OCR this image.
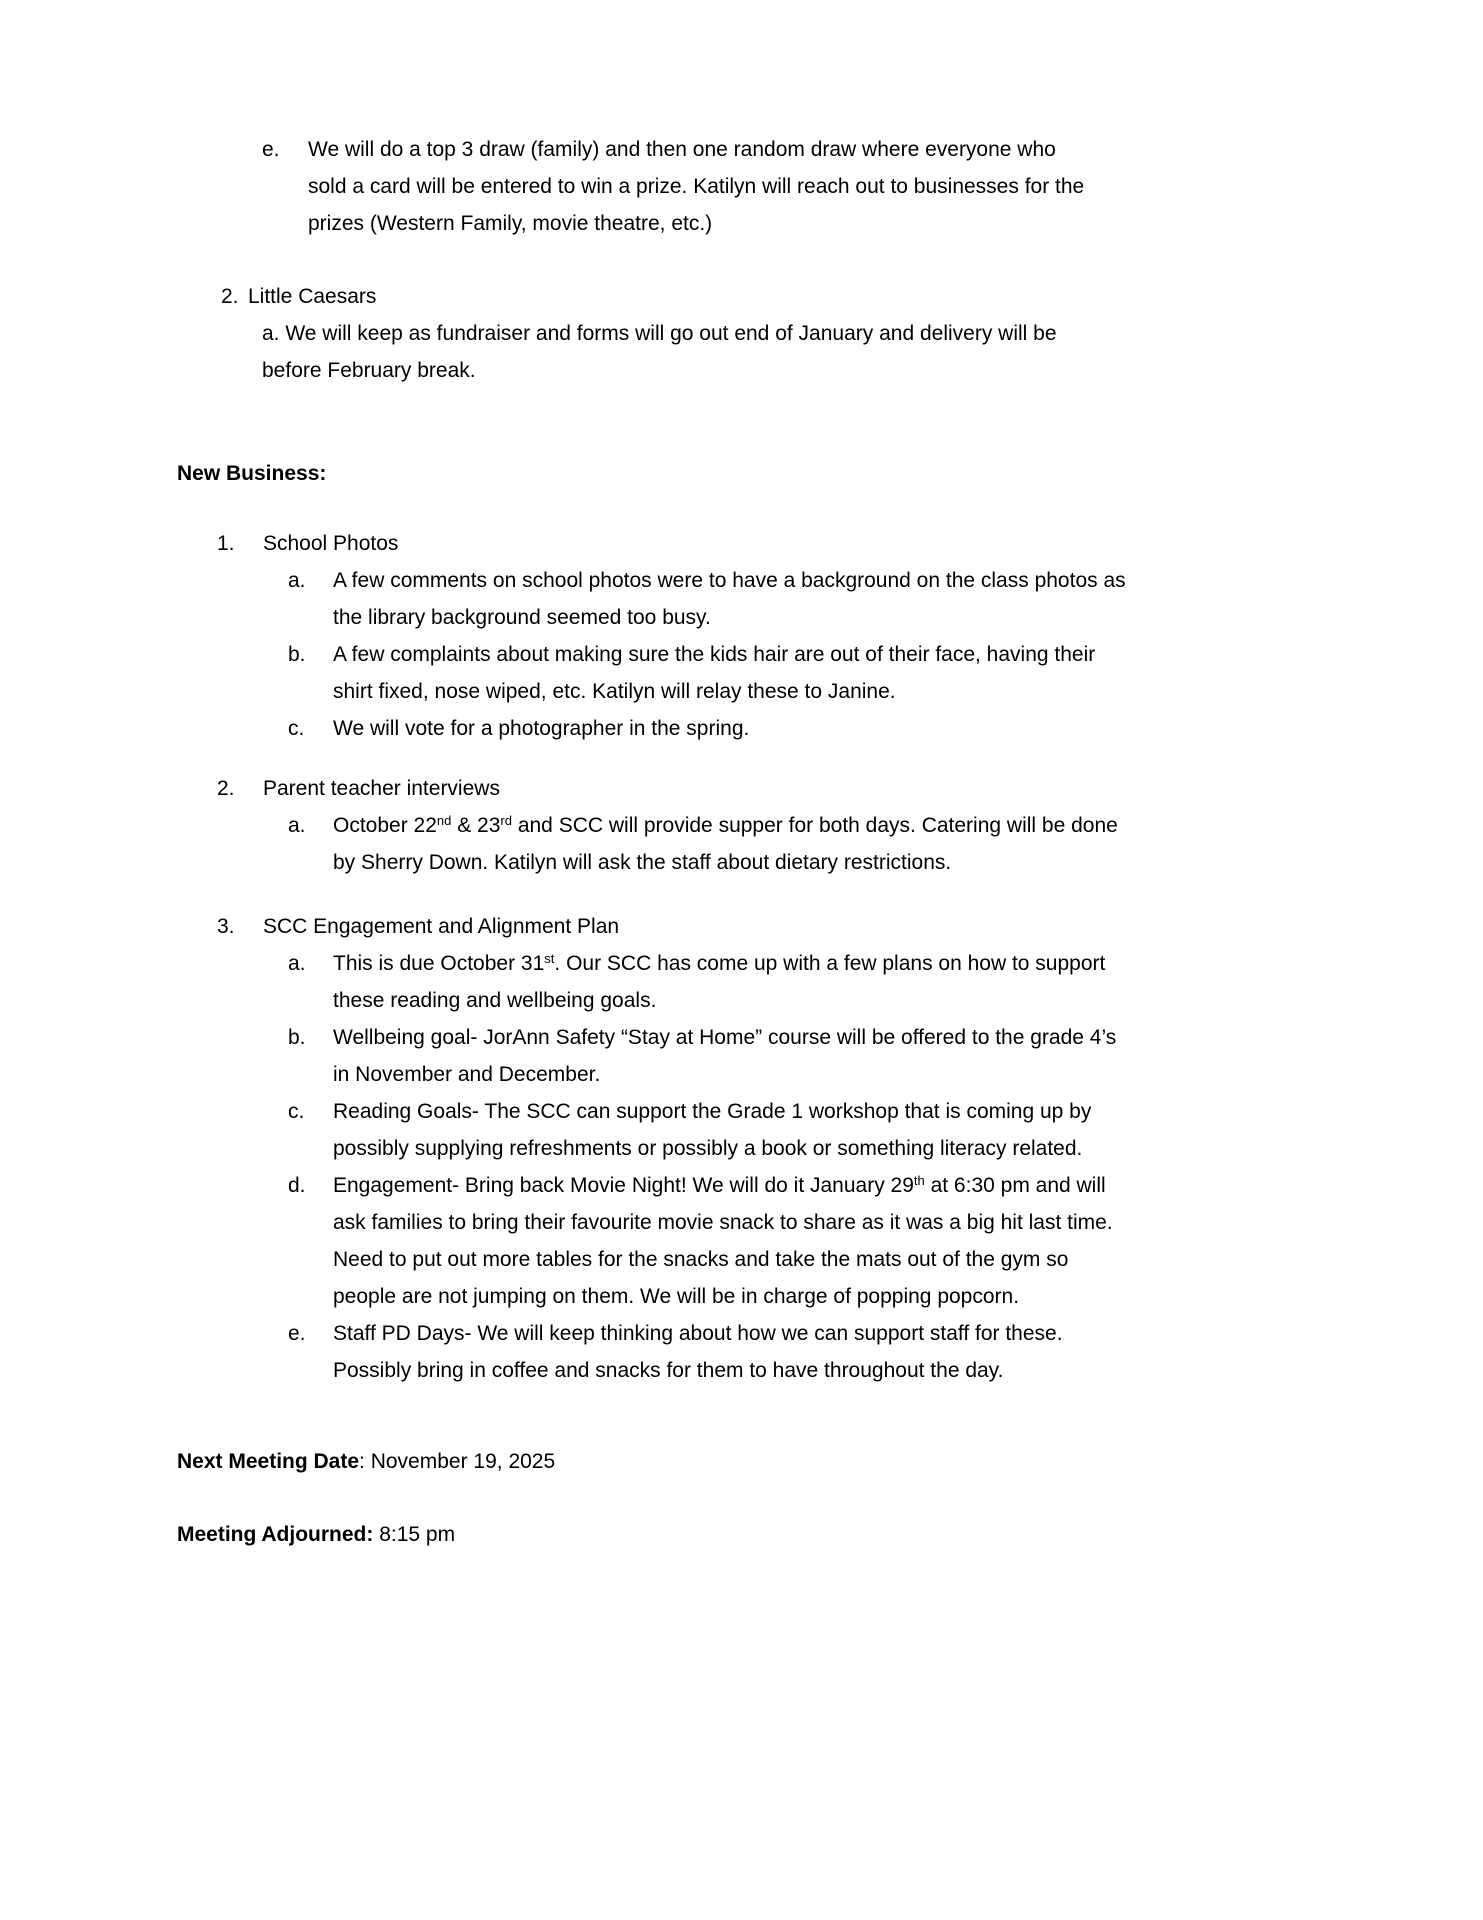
e. We will do a top 3 draw (family) and then one random draw where everyone who
sold a card will be entered to win a prize. Katilyn will reach out to businesses for the
prizes (Western Family, movie theatre, etc.)
2. Little Caesars
a. We will keep as fundraiser and forms will go out end of January and delivery will be
before February break.
New Business:
1. School Photos
a. A few comments on school photos were to have a background on the class photos as
the library background seemed too busy.
b. A few complaints about making sure the kids hair are out of their face, having their
shirt fixed, nose wiped, etc. Katilyn will relay these to Janine.
c. We will vote for a photographer in the spring.
2. Parent teacher interviews
a. October 22nd & 23rd and SCC will provide supper for both days. Catering will be done
by Sherry Down. Katilyn will ask the staff about dietary restrictions.
3. SCC Engagement and Alignment Plan
a. This is due October 31st. Our SCC has come up with a few plans on how to support
these reading and wellbeing goals.
b. Wellbeing goal- JorAnn Safety “Stay at Home” course will be offered to the grade 4’s
in November and December.
c. Reading Goals- The SCC can support the Grade 1 workshop that is coming up by
possibly supplying refreshments or possibly a book or something literacy related.
d. Engagement- Bring back Movie Night! We will do it January 29th at 6:30 pm and will
ask families to bring their favourite movie snack to share as it was a big hit last time.
Need to put out more tables for the snacks and take the mats out of the gym so
people are not jumping on them. We will be in charge of popping popcorn.
e. Staff PD Days- We will keep thinking about how we can support staff for these.
Possibly bring in coffee and snacks for them to have throughout the day.
Next Meeting Date: November 19, 2025
Meeting Adjourned: 8:15 pm
